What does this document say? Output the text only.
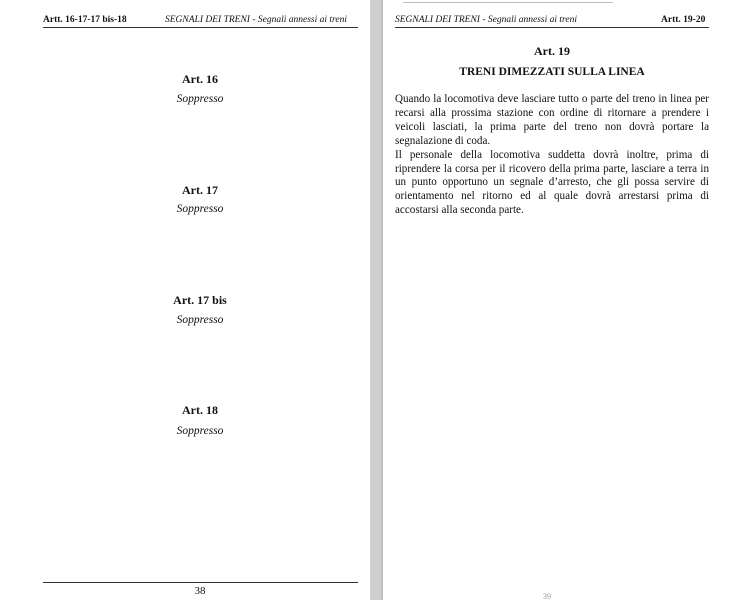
Artt. 16-17-17 bis-18	SEGNALI DEI TRENI - Segnali annessi ai treni
Art. 16
Soppresso
Art. 17
Soppresso
Art. 17 bis
Soppresso
Art. 18
Soppresso
38
SEGNALI DEI TRENI - Segnali annessi ai treni	Artt. 19-20
Art. 19
TRENI DIMEZZATI SULLA LINEA

Quando la locomotiva deve lasciare tutto o parte del treno in linea per recarsi alla prossima stazione con ordine di ritornare a prendere i veicoli lasciati, la prima parte del treno non dovrà portare la segnalazione di coda.

Il personale della locomotiva suddetta dovrà inoltre, prima di riprendere la corsa per il ricovero della prima parte, lasciare a terra in un punto opportuno un segnale d’arresto, che gli possa servire di orientamento nel ritorno ed al quale dovrà arrestarsi prima di accostarsi alla seconda parte.

39
